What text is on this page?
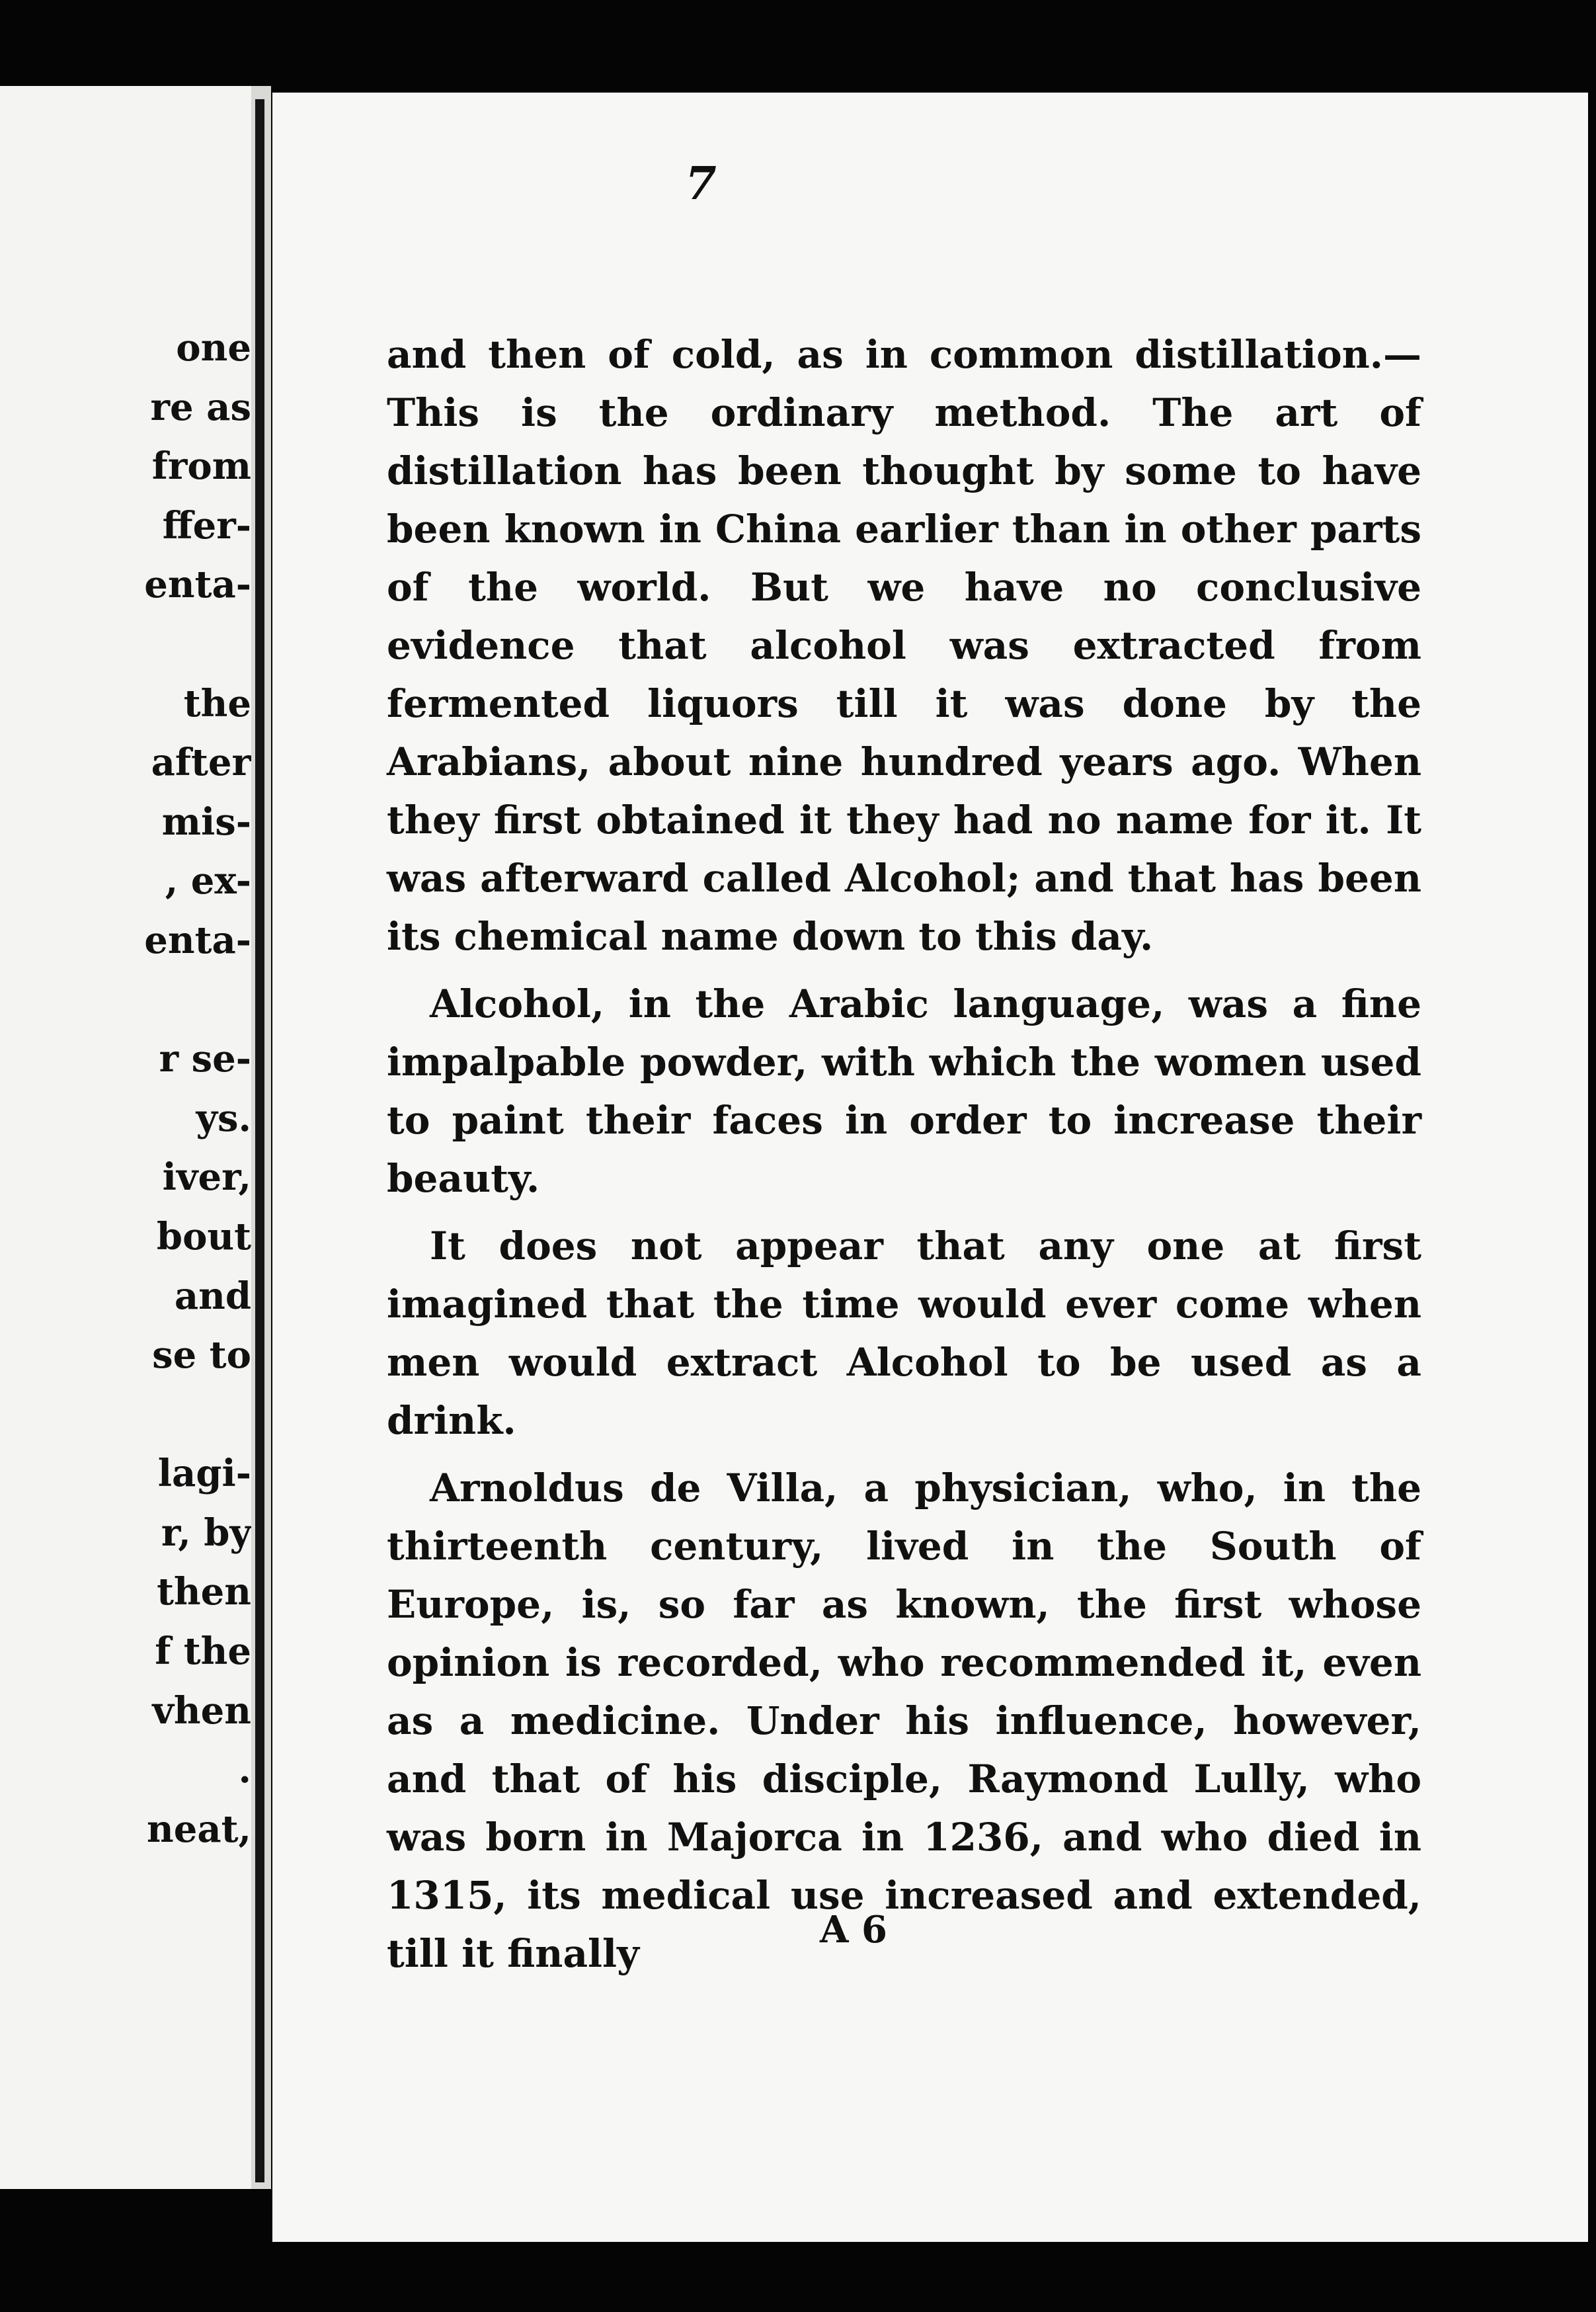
one
re as
from
ffer-
enta-
the
after
mis-
, ex-
enta-
r se-
ys.
iver,
bout
and
se to
lagi-
r, by
then
f the
vhen
.
neat,
7

and then of cold, as in common distillation.— This is the ordinary method. The art of distillation has been thought by some to have been known in China earlier than in other parts of the world. But we have no conclusive evidence that alcohol was extracted from fermented liquors till it was done by the Arabians, about nine hundred years ago. When they first obtained it they had no name for it. It was afterward called Alcohol; and that has been its chemical name down to this day.

Alcohol, in the Arabic language, was a fine impalpable powder, with which the women used to paint their faces in order to increase their beauty.

It does not appear that any one at first imagined that the time would ever come when men would extract Alcohol to be used as a drink.

Arnoldus de Villa, a physician, who, in the thirteenth century, lived in the South of Europe, is, so far as known, the first whose opinion is recorded, who recommended it, even as a medicine. Under his influence, however, and that of his disciple, Raymond Lully, who was born in Majorca in 1236, and who died in 1315, its medical use increased and extended, till it finally

A 6
